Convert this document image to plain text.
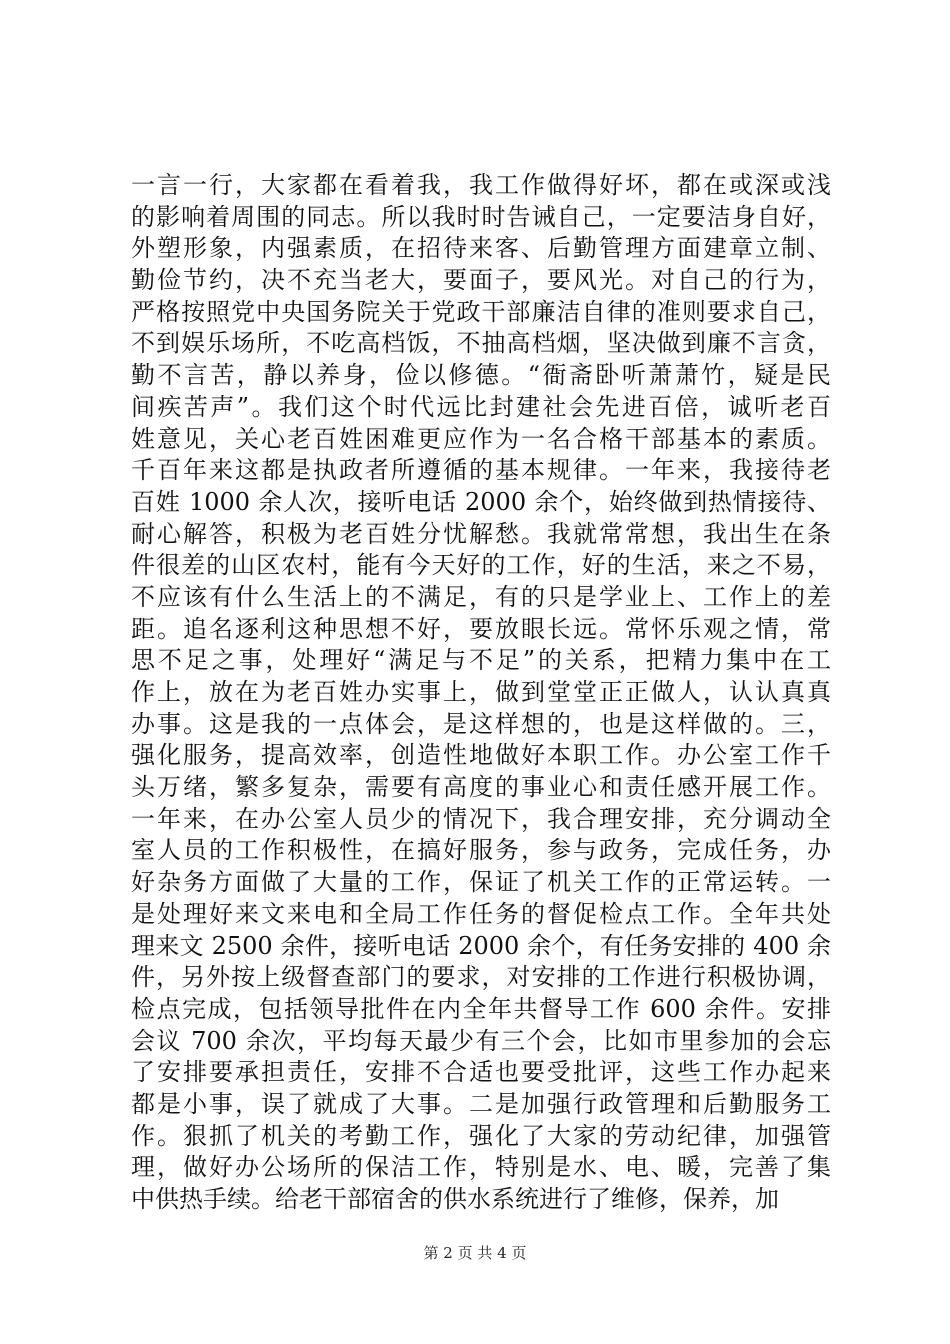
一言一行，大家都在看着我，我工作做得好坏，都在或深或浅
的影响着周围的同志。所以我时时告诫自己，一定要洁身自好，
外塑形象，内强素质，在招待来客、后勤管理方面建章立制、
勤俭节约，决不充当老大，要面子，要风光。对自己的行为，
严格按照党中央国务院关于党政干部廉洁自律的准则要求自己，
不到娱乐场所，不吃高档饭，不抽高档烟，坚决做到廉不言贪，
勤不言苦，静以养身，俭以修德。“衙斋卧听萧萧竹，疑是民
间疾苦声”。我们这个时代远比封建社会先进百倍，诚听老百
姓意见，关心老百姓困难更应作为一名合格干部基本的素质。
千百年来这都是执政者所遵循的基本规律。一年来，我接待老
百姓 1000 余人次，接听电话 2000 余个，始终做到热情接待、
耐心解答，积极为老百姓分忧解愁。我就常常想，我出生在条
件很差的山区农村，能有今天好的工作，好的生活，来之不易，
不应该有什么生活上的不满足，有的只是学业上、工作上的差
距。追名逐利这种思想不好，要放眼长远。常怀乐观之情，常
思不足之事，处理好“满足与不足”的关系，把精力集中在工
作上，放在为老百姓办实事上，做到堂堂正正做人，认认真真
办事。这是我的一点体会，是这样想的，也是这样做的。三，
强化服务，提高效率，创造性地做好本职工作。办公室工作千
头万绪，繁多复杂，需要有高度的事业心和责任感开展工作。
一年来，在办公室人员少的情况下，我合理安排，充分调动全
室人员的工作积极性，在搞好服务，参与政务，完成任务，办
好杂务方面做了大量的工作，保证了机关工作的正常运转。一
是处理好来文来电和全局工作任务的督促检点工作。全年共处
理来文 2500 余件，接听电话 2000 余个，有任务安排的 400 余
件，另外按上级督查部门的要求，对安排的工作进行积极协调，
检点完成，包括领导批件在内全年共督导工作 600 余件。安排
会议 700 余次，平均每天最少有三个会，比如市里参加的会忘
了安排要承担责任，安排不合适也要受批评，这些工作办起来
都是小事，误了就成了大事。二是加强行政管理和后勤服务工
作。狠抓了机关的考勤工作，强化了大家的劳动纪律，加强管
理，做好办公场所的保洁工作，特别是水、电、暖，完善了集
中供热手续。给老干部宿舍的供水系统进行了维修，保养，加
第 2 页 共 4 页
